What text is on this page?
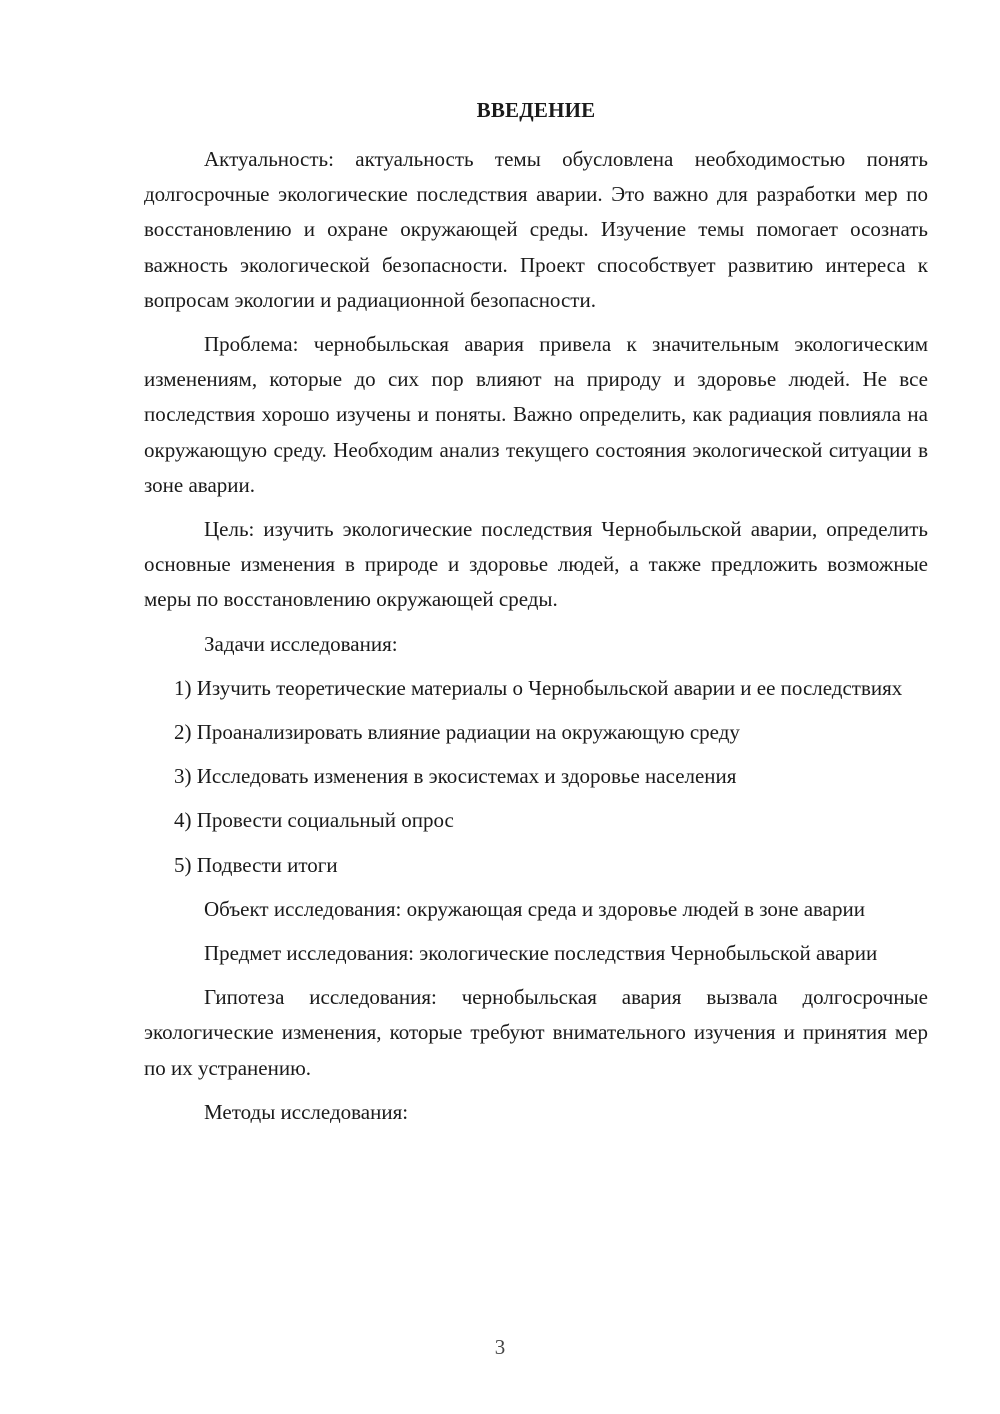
ВВЕДЕНИЕ

Актуальность: актуальность темы обусловлена необходимостью понять долгосрочные экологические последствия аварии. Это важно для разработки мер по восстановлению и охране окружающей среды. Изучение темы помогает осознать важность экологической безопасности. Проект способствует развитию интереса к вопросам экологии и радиационной безопасности.

Проблема: чернобыльская авария привела к значительным экологическим изменениям, которые до сих пор влияют на природу и здоровье людей. Не все последствия хорошо изучены и поняты. Важно определить, как радиация повлияла на окружающую среду. Необходим анализ текущего состояния экологической ситуации в зоне аварии.

Цель: изучить экологические последствия Чернобыльской аварии, определить основные изменения в природе и здоровье людей, а также предложить возможные меры по восстановлению окружающей среды.

Задачи исследования:

1) Изучить теоретические материалы о Чернобыльской аварии и ее последствиях

2) Проанализировать влияние радиации на окружающую среду

3) Исследовать изменения в экосистемах и здоровье населения

4) Провести социальный опрос

5) Подвести итоги

Объект исследования: окружающая среда и здоровье людей в зоне аварии

Предмет исследования: экологические последствия Чернобыльской аварии

Гипотеза исследования: чернобыльская авария вызвала долгосрочные экологические изменения, которые требуют внимательного изучения и принятия мер по их устранению.

Методы исследования:

3
